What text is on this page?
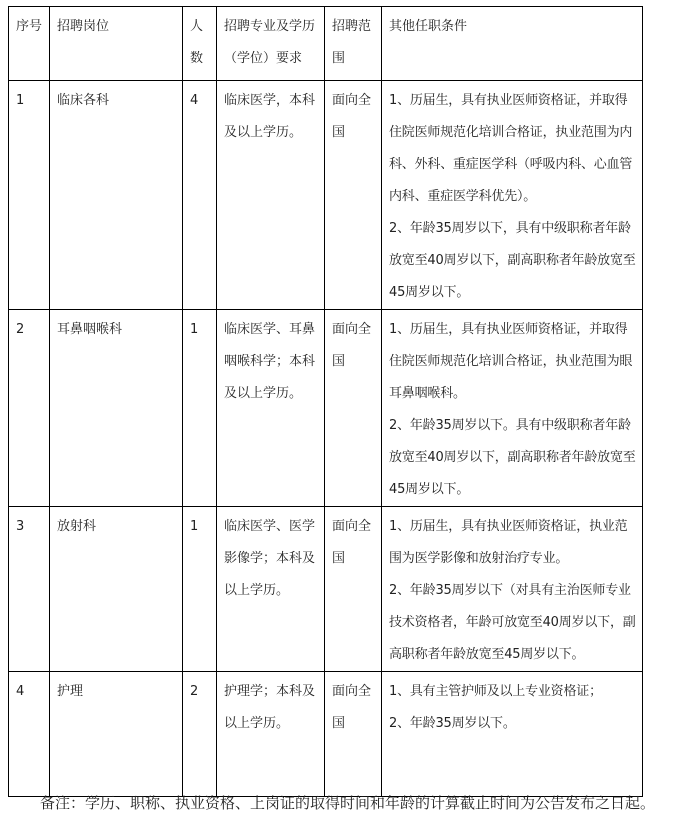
序号	招聘岗位	人数	招聘专业及学历（学位）要求	招聘范围	其他任职条件
1	临床各科	4	临床医学，本科及以上学历。	面向全国	1、历届生，具有执业医师资格证，并取得住院医师规范化培训合格证，执业范围为内科、外科、重症医学科（呼吸内科、心血管内科、重症医学科优先）。

2、年龄35周岁以下，具有中级职称者年龄放宽至40周岁以下，副高职称者年龄放宽至45周岁以下。

2	耳鼻咽喉科	1	临床医学、耳鼻咽喉科学；本科及以上学历。	面向全国	1、历届生，具有执业医师资格证，并取得住院医师规范化培训合格证，执业范围为眼耳鼻咽喉科。

2、年龄35周岁以下。具有中级职称者年龄放宽至40周岁以下，副高职称者年龄放宽至45周岁以下。

3	放射科	1	临床医学、医学影像学；本科及以上学历。	面向全国	1、历届生，具有执业医师资格证，执业范围为医学影像和放射治疗专业。

2、年龄35周岁以下（对具有主治医师专业技术资格者，年龄可放宽至40周岁以下，副高职称者年龄放宽至45周岁以下。

4	护理	2	护理学；本科及以上学历。	面向全国	1、具有主管护师及以上专业资格证；

2、年龄35周岁以下。

备注：学历、职称、执业资格、上岗证的取得时间和年龄的计算截止时间为公告发布之日起。
